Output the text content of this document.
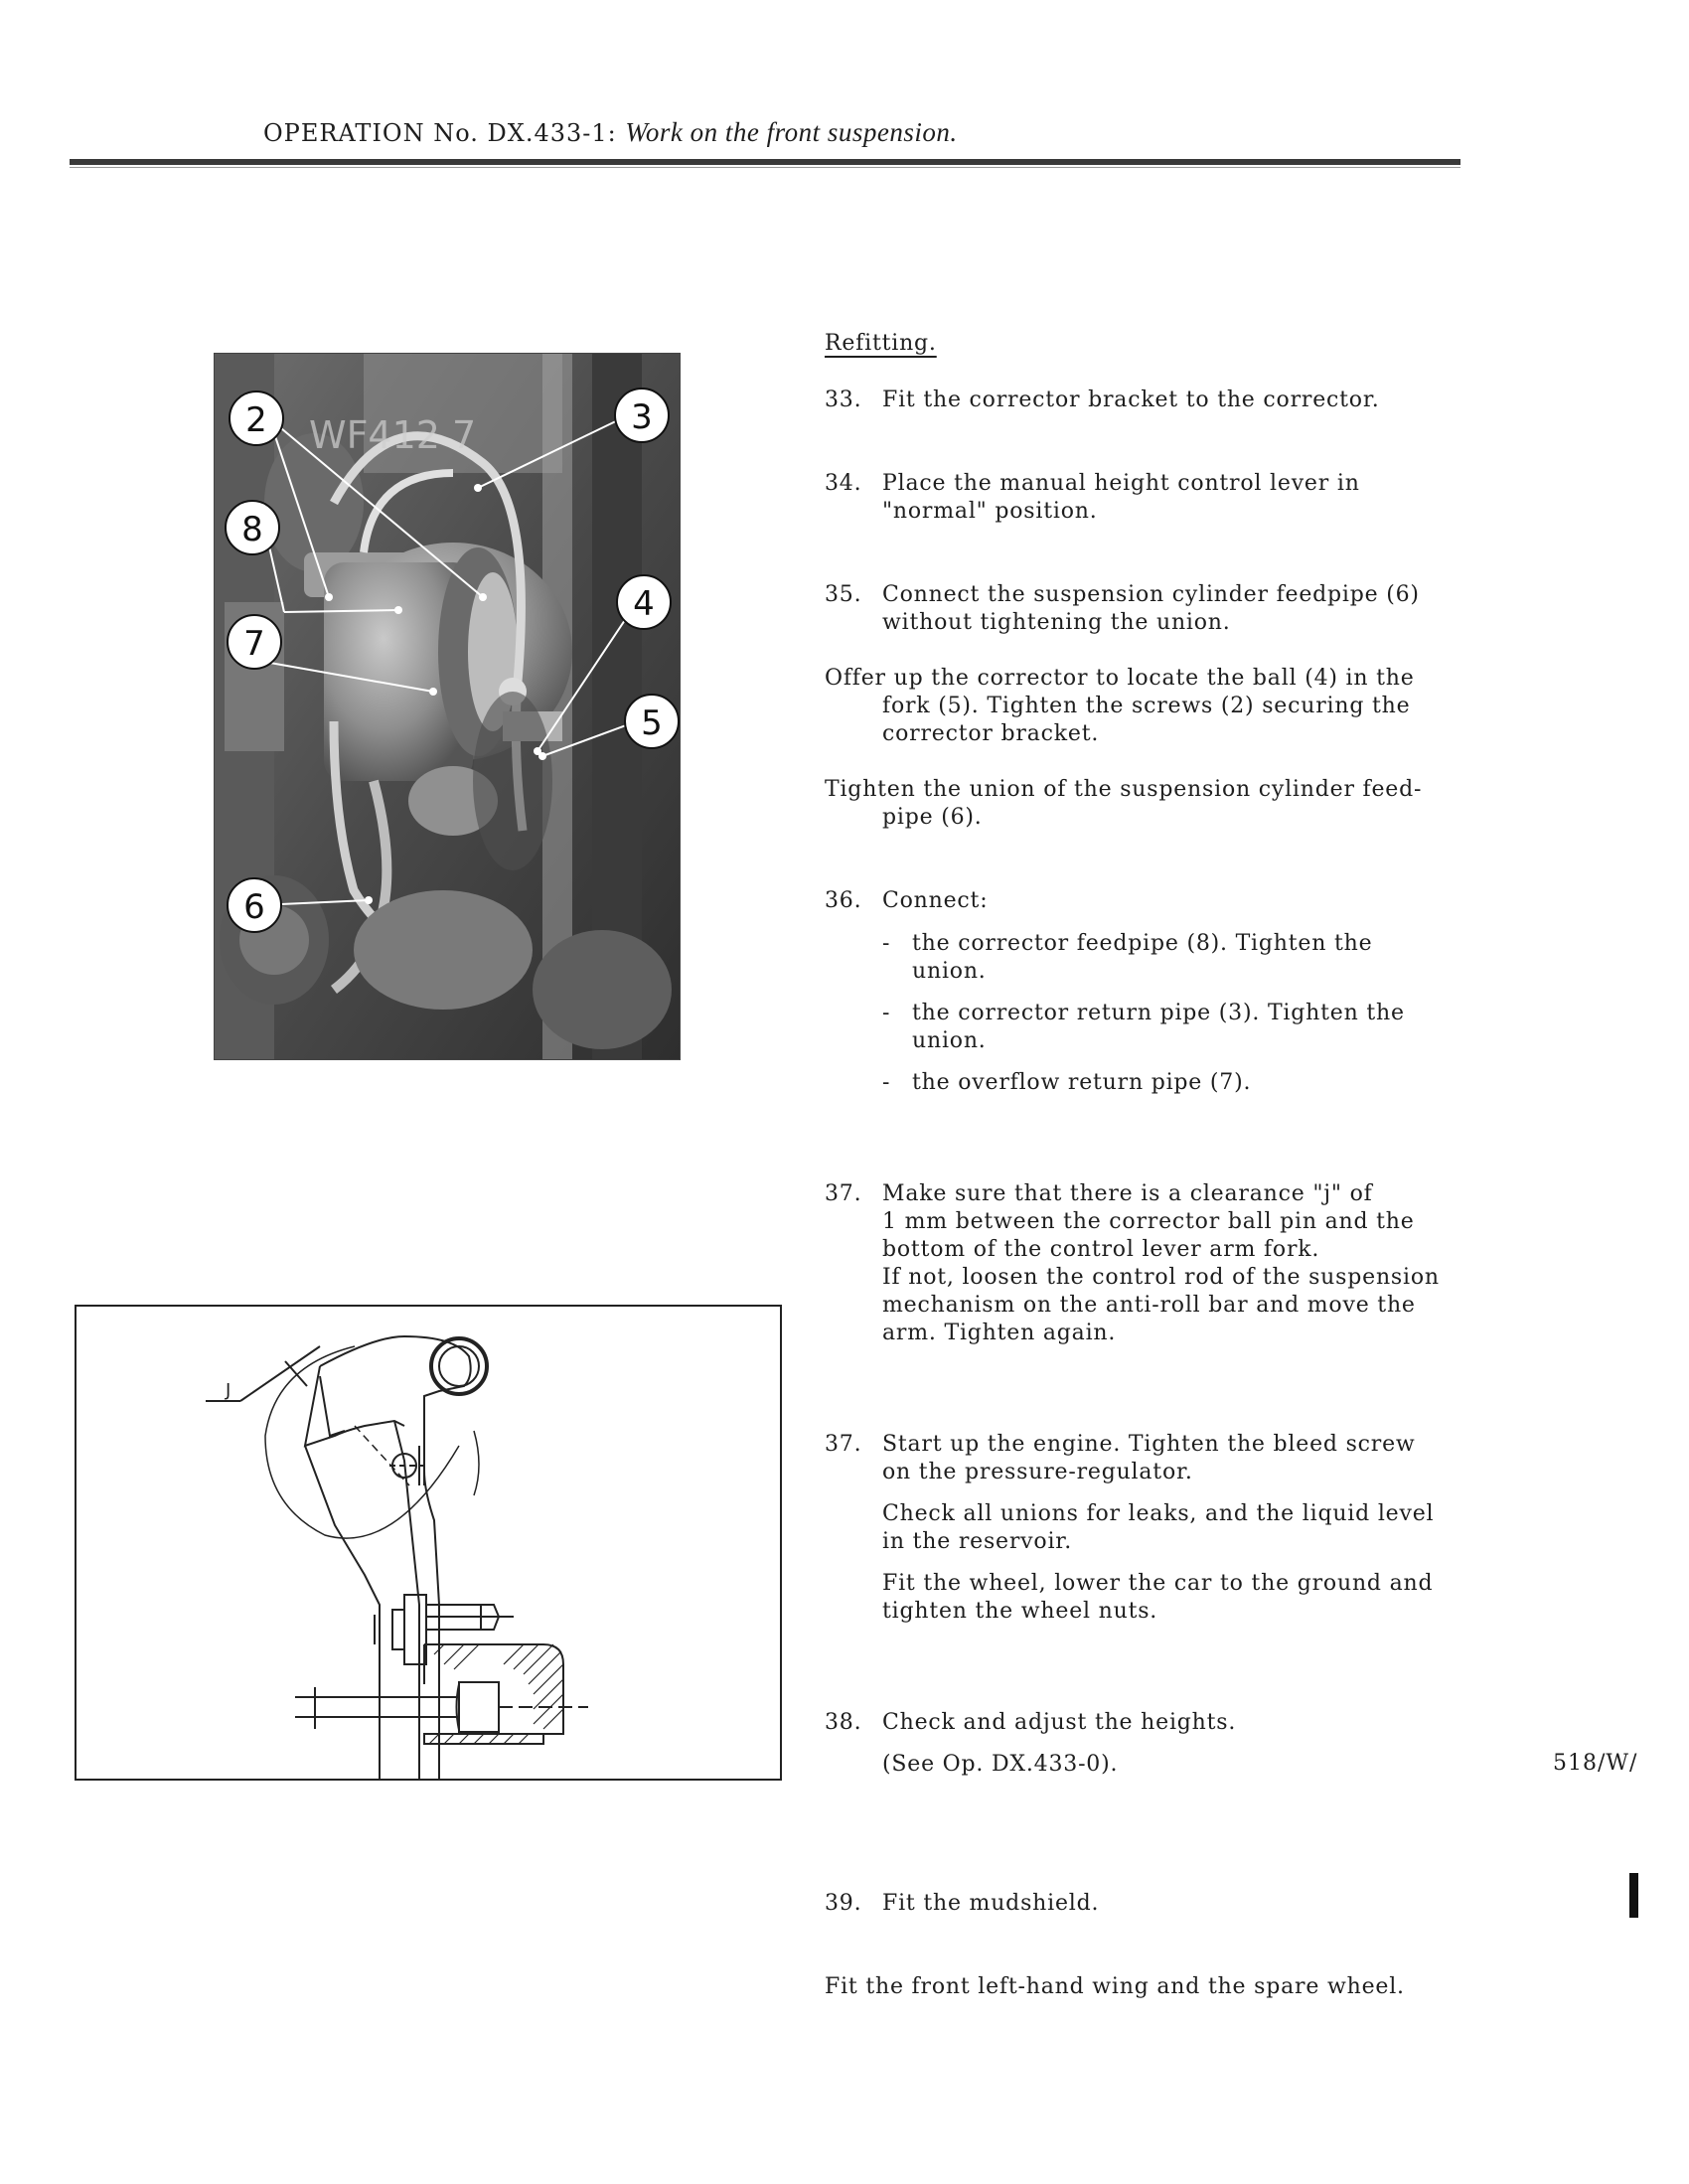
OPERATION No. DX.433-1: Work on the front suspension.
WF412 7
2	3
8
4
7
5
6
J
Refitting.
33. Fit the corrector bracket to the corrector.
34. Place the manual height control lever in
"normal" position.
35. Connect the suspension cylinder feedpipe (6)
without tightening the union.
Offer up the corrector to locate the ball (4) in the
fork (5). Tighten the screws (2) securing the
corrector bracket.
Tighten the union of the suspension cylinder feed-
pipe (6).
36. Connect:
- the corrector feedpipe (8). Tighten the
union.
- the corrector return pipe (3). Tighten the
union.
- the overflow return pipe (7).
37. Make sure that there is a clearance "j" of
1 mm between the corrector ball pin and the
bottom of the control lever arm fork.
If not, loosen the control rod of the suspension
mechanism on the anti-roll bar and move the
arm. Tighten again.
37. Start up the engine. Tighten the bleed screw
on the pressure-regulator.
Check all unions for leaks, and the liquid level
in the reservoir.
Fit the wheel, lower the car to the ground and
tighten the wheel nuts.
38. Check and adjust the heights.
(See Op. DX.433-0).
39. Fit the mudshield.
Fit the front left-hand wing and the spare wheel.
518/W/
